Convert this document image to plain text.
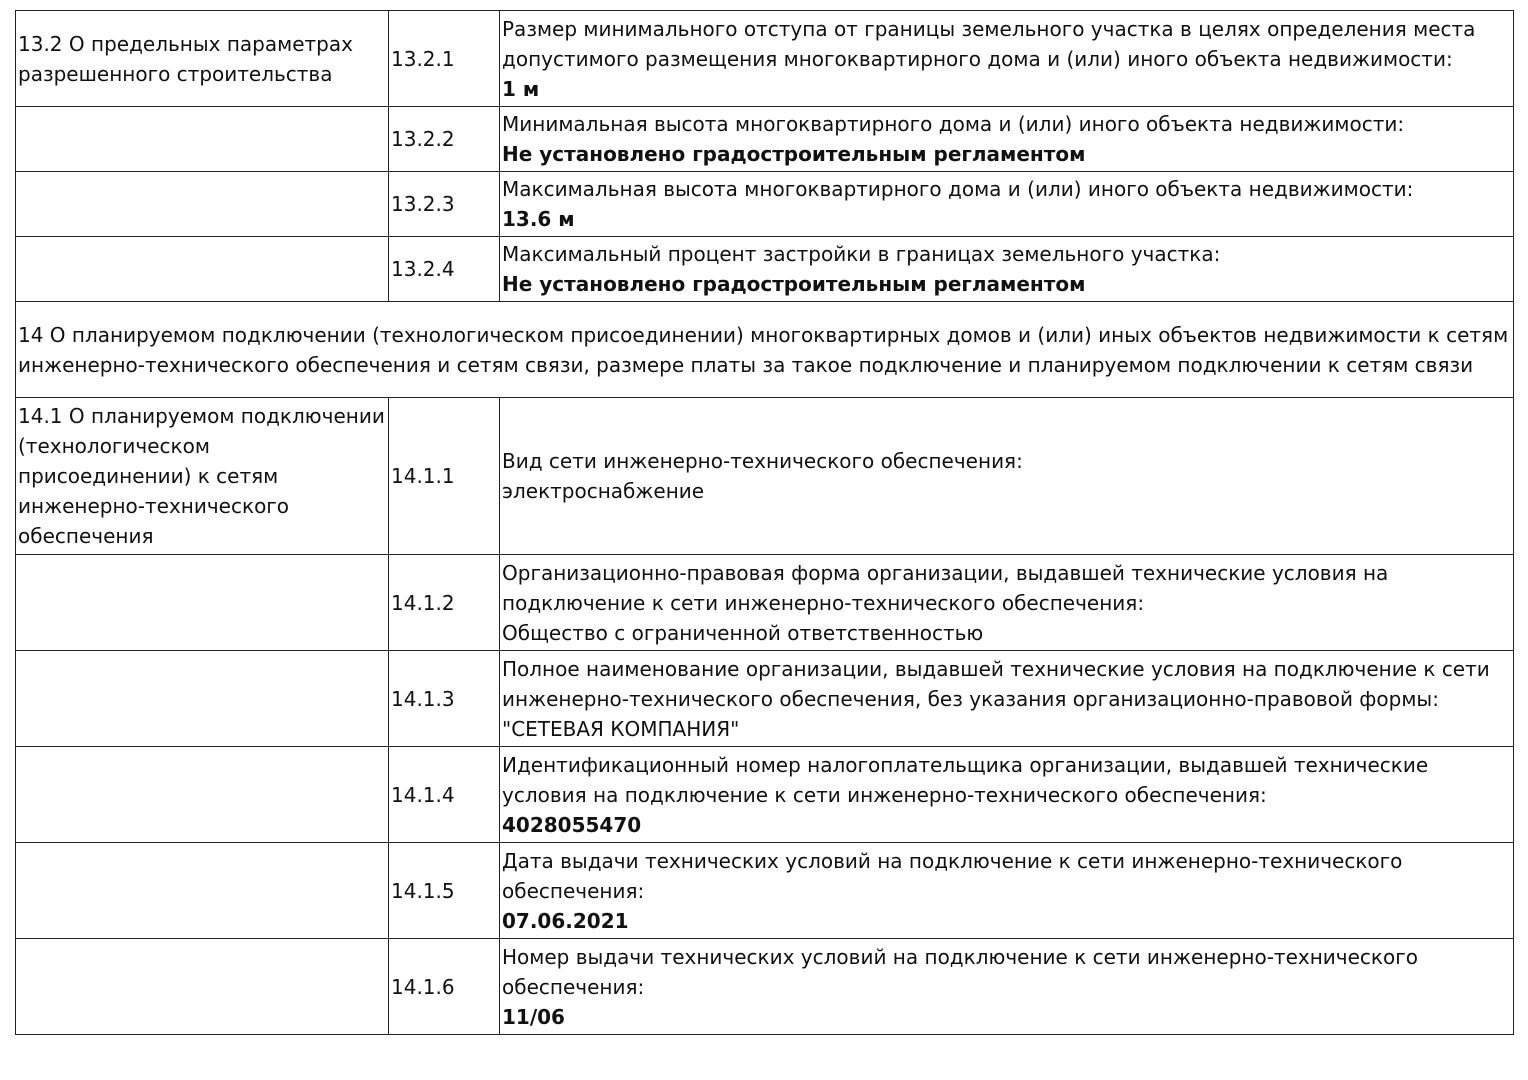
13.2 О предельных параметрах разрешенного строительства	13.2.1	Размер минимального отступа от границы земельного участка в целях определения места допустимого размещения многоквартирного дома и (или) иного объекта недвижимости:
1 м

	13.2.2	Минимальная высота многоквартирного дома и (или) иного объекта недвижимости:
Не установлено градостроительным регламентом

	13.2.3	Максимальная высота многоквартирного дома и (или) иного объекта недвижимости:
13.6 м

	13.2.4	Максимальный процент застройки в границах земельного участка:
Не установлено градостроительным регламентом

14 О планируемом подключении (технологическом присоединении) многоквартирных домов и (или) иных объектов недвижимости к сетям инженерно-технического обеспечения и сетям связи, размере платы за такое подключение и планируемом подключении к сетям связи		
14.1 О планируемом подключении (технологическом присоединении) к сетям инженерно-технического обеспечения	14.1.1	Вид сети инженерно-технического обеспечения:
электроснабжение

	14.1.2	Организационно-правовая форма организации, выдавшей технические условия на подключение к сети инженерно-технического обеспечения:
Общество с ограниченной ответственностью

	14.1.3	Полное наименование организации, выдавшей технические условия на подключение к сети инженерно-технического обеспечения, без указания организационно-правовой формы:
"СЕТЕВАЯ КОМПАНИЯ"

	14.1.4	Идентификационный номер налогоплательщика организации, выдавшей технические условия на подключение к сети инженерно-технического обеспечения:
4028055470

	14.1.5	Дата выдачи технических условий на подключение к сети инженерно-технического обеспечения:
07.06.2021

	14.1.6	Номер выдачи технических условий на подключение к сети инженерно-технического обеспечения:
11/06
